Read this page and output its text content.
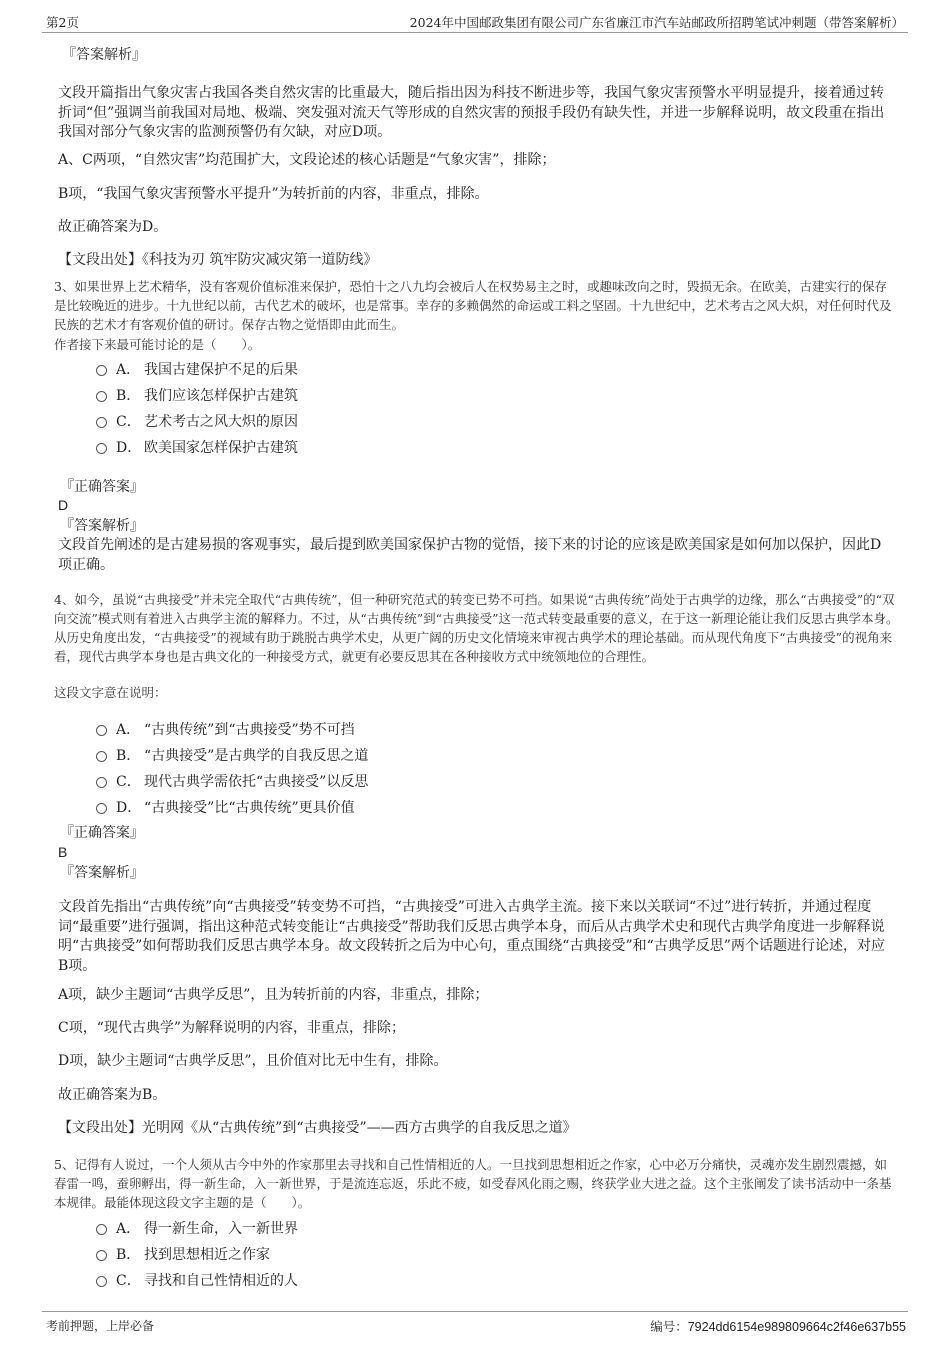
第2页	2024年中国邮政集团有限公司广东省廉江市汽车站邮政所招聘笔试冲刺题（带答案解析）
『答案解析』
文段开篇指出气象灾害占我国各类自然灾害的比重最大，随后指出因为科技不断进步等，我国气象灾害预警水平明显提升，接着通过转折词“但”强调当前我国对局地、极端、突发强对流天气等形成的自然灾害的预报手段仍有缺失性，并进一步解释说明，故文段重在指出我国对部分气象灾害的监测预警仍有欠缺，对应D项。
A、C两项，“自然灾害”均范围扩大，文段论述的核心话题是“气象灾害”，排除；
B项，“我国气象灾害预警水平提升”为转折前的内容，非重点，排除。
故正确答案为D。
【文段出处】《科技为刃 筑牢防灾减灾第一道防线》
3、如果世界上艺术精华，没有客观价值标准来保护，恐怕十之八九均会被后人在权势易主之时，或趣味改向之时，毁损无余。在欧美，古建实行的保存是比较晚近的进步。十九世纪以前，古代艺术的破坏，也是常事。幸存的多赖偶然的命运或工料之坚固。十九世纪中，艺术考古之风大炽，对任何时代及民族的艺术才有客观价值的研讨。保存古物之觉悟即由此而生。
作者接下来最可能讨论的是（　　）。
A． 我国古建保护不足的后果
B． 我们应该怎样保护古建筑
C． 艺术考古之风大炽的原因
D． 欧美国家怎样保护古建筑
『正确答案』
D
『答案解析』
文段首先阐述的是古建易损的客观事实，最后提到欧美国家保护古物的觉悟，接下来的讨论的应该是欧美国家是如何加以保护，因此D项正确。
4、如今，虽说“古典接受”并未完全取代“古典传统”，但一种研究范式的转变已势不可挡。如果说“古典传统”尚处于古典学的边缘，那么“古典接受”的“双向交流”模式则有着进入古典学主流的解释力。不过，从“古典传统”到“古典接受”这一范式转变最重要的意义，在于这一新理论能让我们反思古典学本身。从历史角度出发，“古典接受”的视域有助于跳脱古典学术史，从更广阔的历史文化情境来审视古典学术的理论基础。而从现代角度下“古典接受”的视角来看，现代古典学本身也是古典文化的一种接受方式，就更有必要反思其在各种接收方式中统领地位的合理性。
这段文字意在说明：
A． “古典传统”到“古典接受”势不可挡
B． “古典接受”是古典学的自我反思之道
C． 现代古典学需依托“古典接受”以反思
D． “古典接受”比“古典传统”更具价值
『正确答案』
B
『答案解析』
文段首先指出“古典传统”向“古典接受”转变势不可挡，“古典接受”可进入古典学主流。接下来以关联词“不过”进行转折，并通过程度词“最重要”进行强调，指出这种范式转变能让“古典接受”帮助我们反思古典学本身，而后从古典学术史和现代古典学角度进一步解释说明“古典接受”如何帮助我们反思古典学本身。故文段转折之后为中心句，重点围绕“古典接受”和“古典学反思”两个话题进行论述，对应B项。
A项，缺少主题词“古典学反思”，且为转折前的内容，非重点，排除；
C项，“现代古典学”为解释说明的内容，非重点，排除；
D项，缺少主题词“古典学反思”，且价值对比无中生有，排除。
故正确答案为B。
【文段出处】光明网《从“古典传统”到“古典接受”——西方古典学的自我反思之道》
5、记得有人说过，一个人须从古今中外的作家那里去寻找和自己性情相近的人。一旦找到思想相近之作家，心中必万分痛快，灵魂亦发生剧烈震撼，如春雷一鸣，蚕卵孵出，得一新生命，入一新世界，于是流连忘返，乐此不疲，如受春风化雨之赐，终获学业大进之益。这个主张阐发了读书活动中一条基本规律。最能体现这段文字主题的是（　　）。
A． 得一新生命，入一新世界
B． 找到思想相近之作家
C． 寻找和自己性情相近的人
考前押题，上岸必备	编号：7924dd6154e989809664c2f46e637b55
